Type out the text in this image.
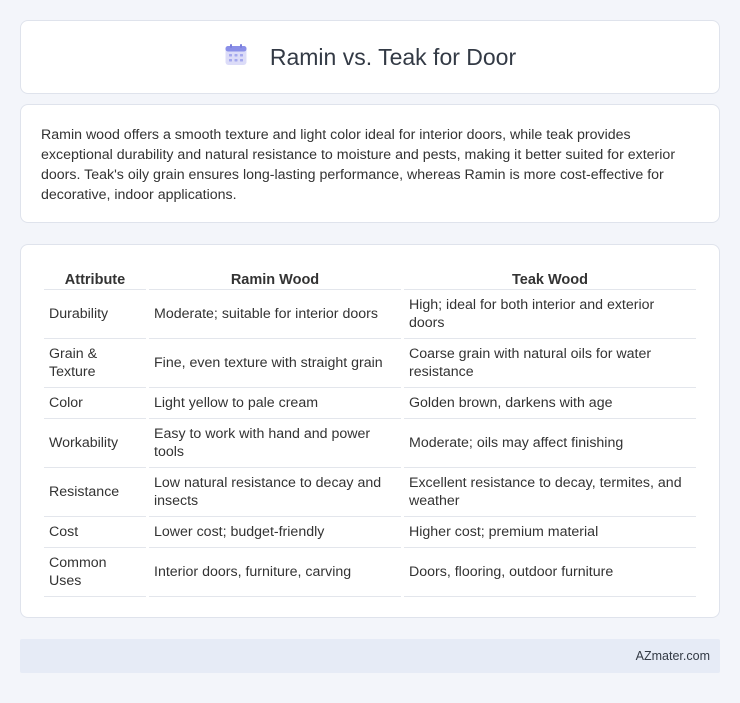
Ramin vs. Teak for Door

Ramin wood offers a smooth texture and light color ideal for interior doors, while teak provides exceptional durability and natural resistance to moisture and pests, making it better suited for exterior doors. Teak's oily grain ensures long-lasting performance, whereas Ramin is more cost-effective for decorative, indoor applications.

Attribute	Ramin Wood	Teak Wood
Durability	Moderate; suitable for interior doors	High; ideal for both interior and exterior doors
Grain & Texture	Fine, even texture with straight grain	Coarse grain with natural oils for water resistance
Color	Light yellow to pale cream	Golden brown, darkens with age
Workability	Easy to work with hand and power tools	Moderate; oils may affect finishing
Resistance	Low natural resistance to decay and insects	Excellent resistance to decay, termites, and weather
Cost	Lower cost; budget-friendly	Higher cost; premium material
Common Uses	Interior doors, furniture, carving	Doors, flooring, outdoor furniture
AZmater.com
